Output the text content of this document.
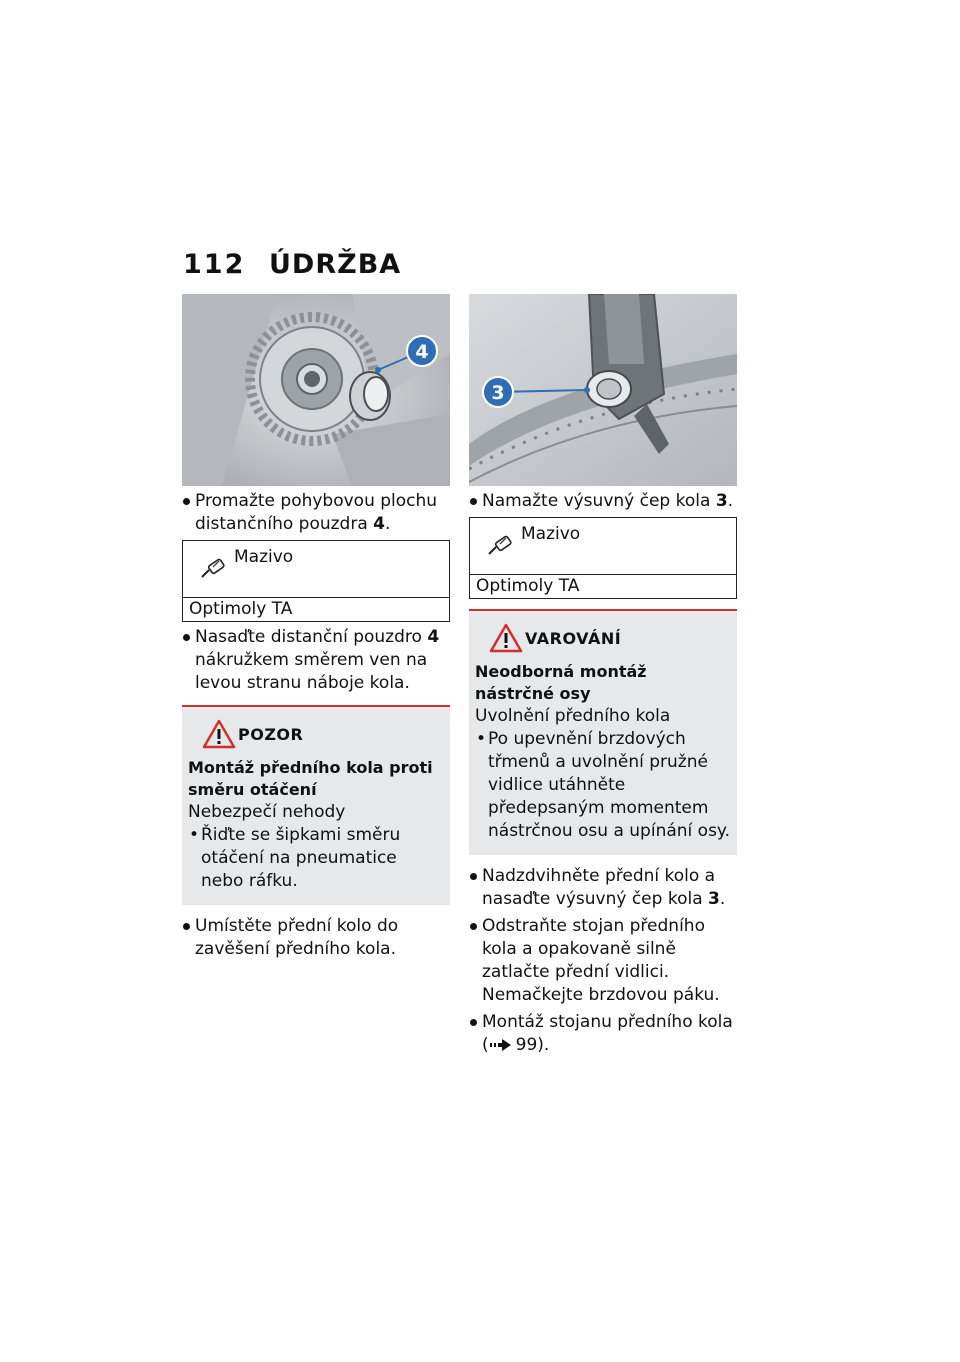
112 ÚDRŽBA
4
Promažte pohybovou plochu distančního pouzdra 4.
Mazivo
Optimoly TA
Nasaďte distanční pouzdro 4 nákružkem směrem ven na levou stranu náboje kola.
POZOR
Montáž předního kola proti směru otáčení
Nebezpečí nehody
• Řiďte se šipkami směru otáčení na pneumatice nebo ráfku.
Umístěte přední kolo do zavěšení předního kola.
3
Namažte výsuvný čep kola 3.
Mazivo
Optimoly TA
VAROVÁNÍ
Neodborná montáž nástrčné osy
Uvolnění předního kola
• Po upevnění brzdových třmenů a uvolnění pružné vidlice utáhněte předepsaným momentem nástrčnou osu a upínání osy.
Nadzdvihněte přední kolo a nasaďte výsuvný čep kola 3.
Odstraňte stojan předního kola a opakovaně silně zatlačte přední vidlici. Nemačkejte brzdovou páku.
Montáž stojanu předního kola ( 99).
